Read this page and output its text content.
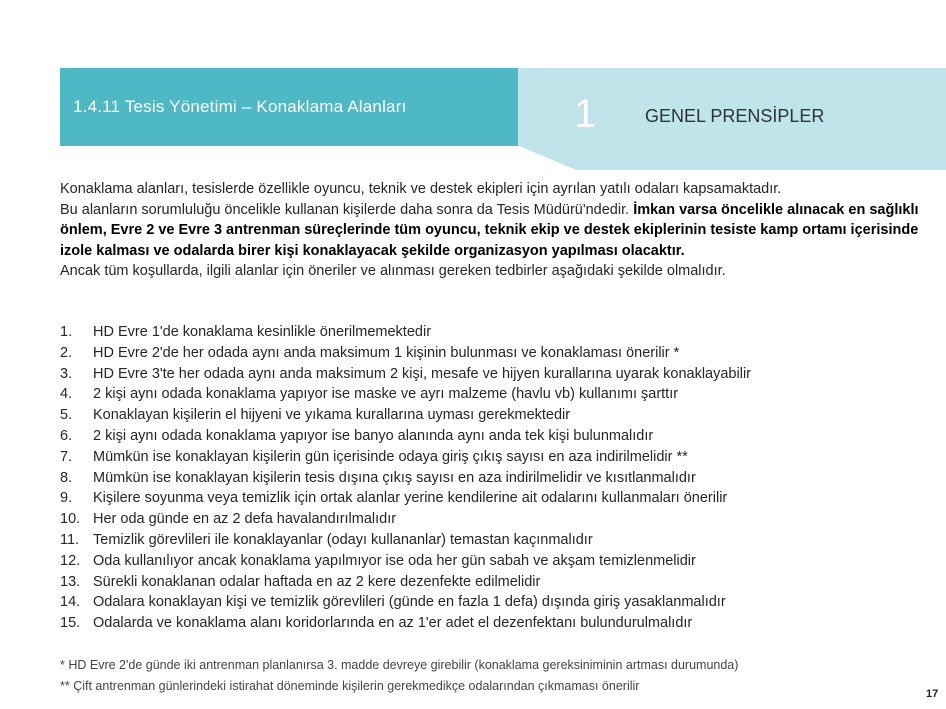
1.4.11 Tesis Yönetimi – Konaklama Alanları	1	GENEL PRENSİPLER
Konaklama alanları, tesislerde özellikle oyuncu, teknik ve destek ekipleri için ayrılan yatılı odaları kapsamaktadır.
Bu alanların sorumluluğu öncelikle kullanan kişilerde daha sonra da Tesis Müdürü'ndedir. İmkan varsa öncelikle alınacak en sağlıklı önlem, Evre 2 ve Evre 3 antrenman süreçlerinde tüm oyuncu, teknik ekip ve destek ekiplerinin tesiste kamp ortamı içerisinde izole kalması ve odalarda birer kişi konaklayacak şekilde organizasyon yapılması olacaktır.
Ancak tüm koşullarda, ilgili alanlar için öneriler ve alınması gereken tedbirler aşağıdaki şekilde olmalıdır.
1.	HD Evre 1'de konaklama kesinlikle önerilmemektedir
2.	HD Evre 2'de her odada aynı anda maksimum 1 kişinin bulunması ve konaklaması önerilir *
3.	HD Evre 3'te her odada aynı anda maksimum 2 kişi, mesafe ve hijyen kurallarına uyarak konaklayabilir
4.	2 kişi aynı odada konaklama yapıyor ise maske ve ayrı malzeme (havlu vb) kullanımı şarttır
5.	Konaklayan kişilerin el hijyeni ve yıkama kurallarına uyması gerekmektedir
6.	2 kişi aynı odada konaklama yapıyor ise banyo alanında aynı anda tek kişi bulunmalıdır
7.	Mümkün ise konaklayan kişilerin gün içerisinde odaya giriş çıkış sayısı en aza indirilmelidir **
8.	Mümkün ise konaklayan kişilerin tesis dışına çıkış sayısı en aza indirilmelidir ve kısıtlanmalıdır
9.	Kişilere soyunma veya temizlik için ortak alanlar yerine kendilerine ait odalarını kullanmaları önerilir
10. Her oda günde en az 2 defa havalandırılmalıdır
11. Temizlik görevlileri ile konaklayanlar (odayı kullananlar) temastan kaçınmalıdır
12. Oda kullanılıyor ancak konaklama yapılmıyor ise oda her gün sabah ve akşam temizlenmelidir
13. Sürekli konaklanan odalar haftada en az 2 kere dezenfekte edilmelidir
14. Odalara konaklayan kişi ve temizlik görevlileri (günde en fazla 1 defa) dışında giriş yasaklanmalıdır
15. Odalarda ve konaklama alanı koridorlarında en az 1'er adet el dezenfektanı bulundurulmalıdır
* HD Evre 2'de günde iki antrenman planlanırsa 3. madde devreye girebilir (konaklama gereksiniminin artması durumunda)
** Çift antrenman günlerindeki istirahat döneminde kişilerin gerekmedikçe odalarından çıkmaması önerilir
17
